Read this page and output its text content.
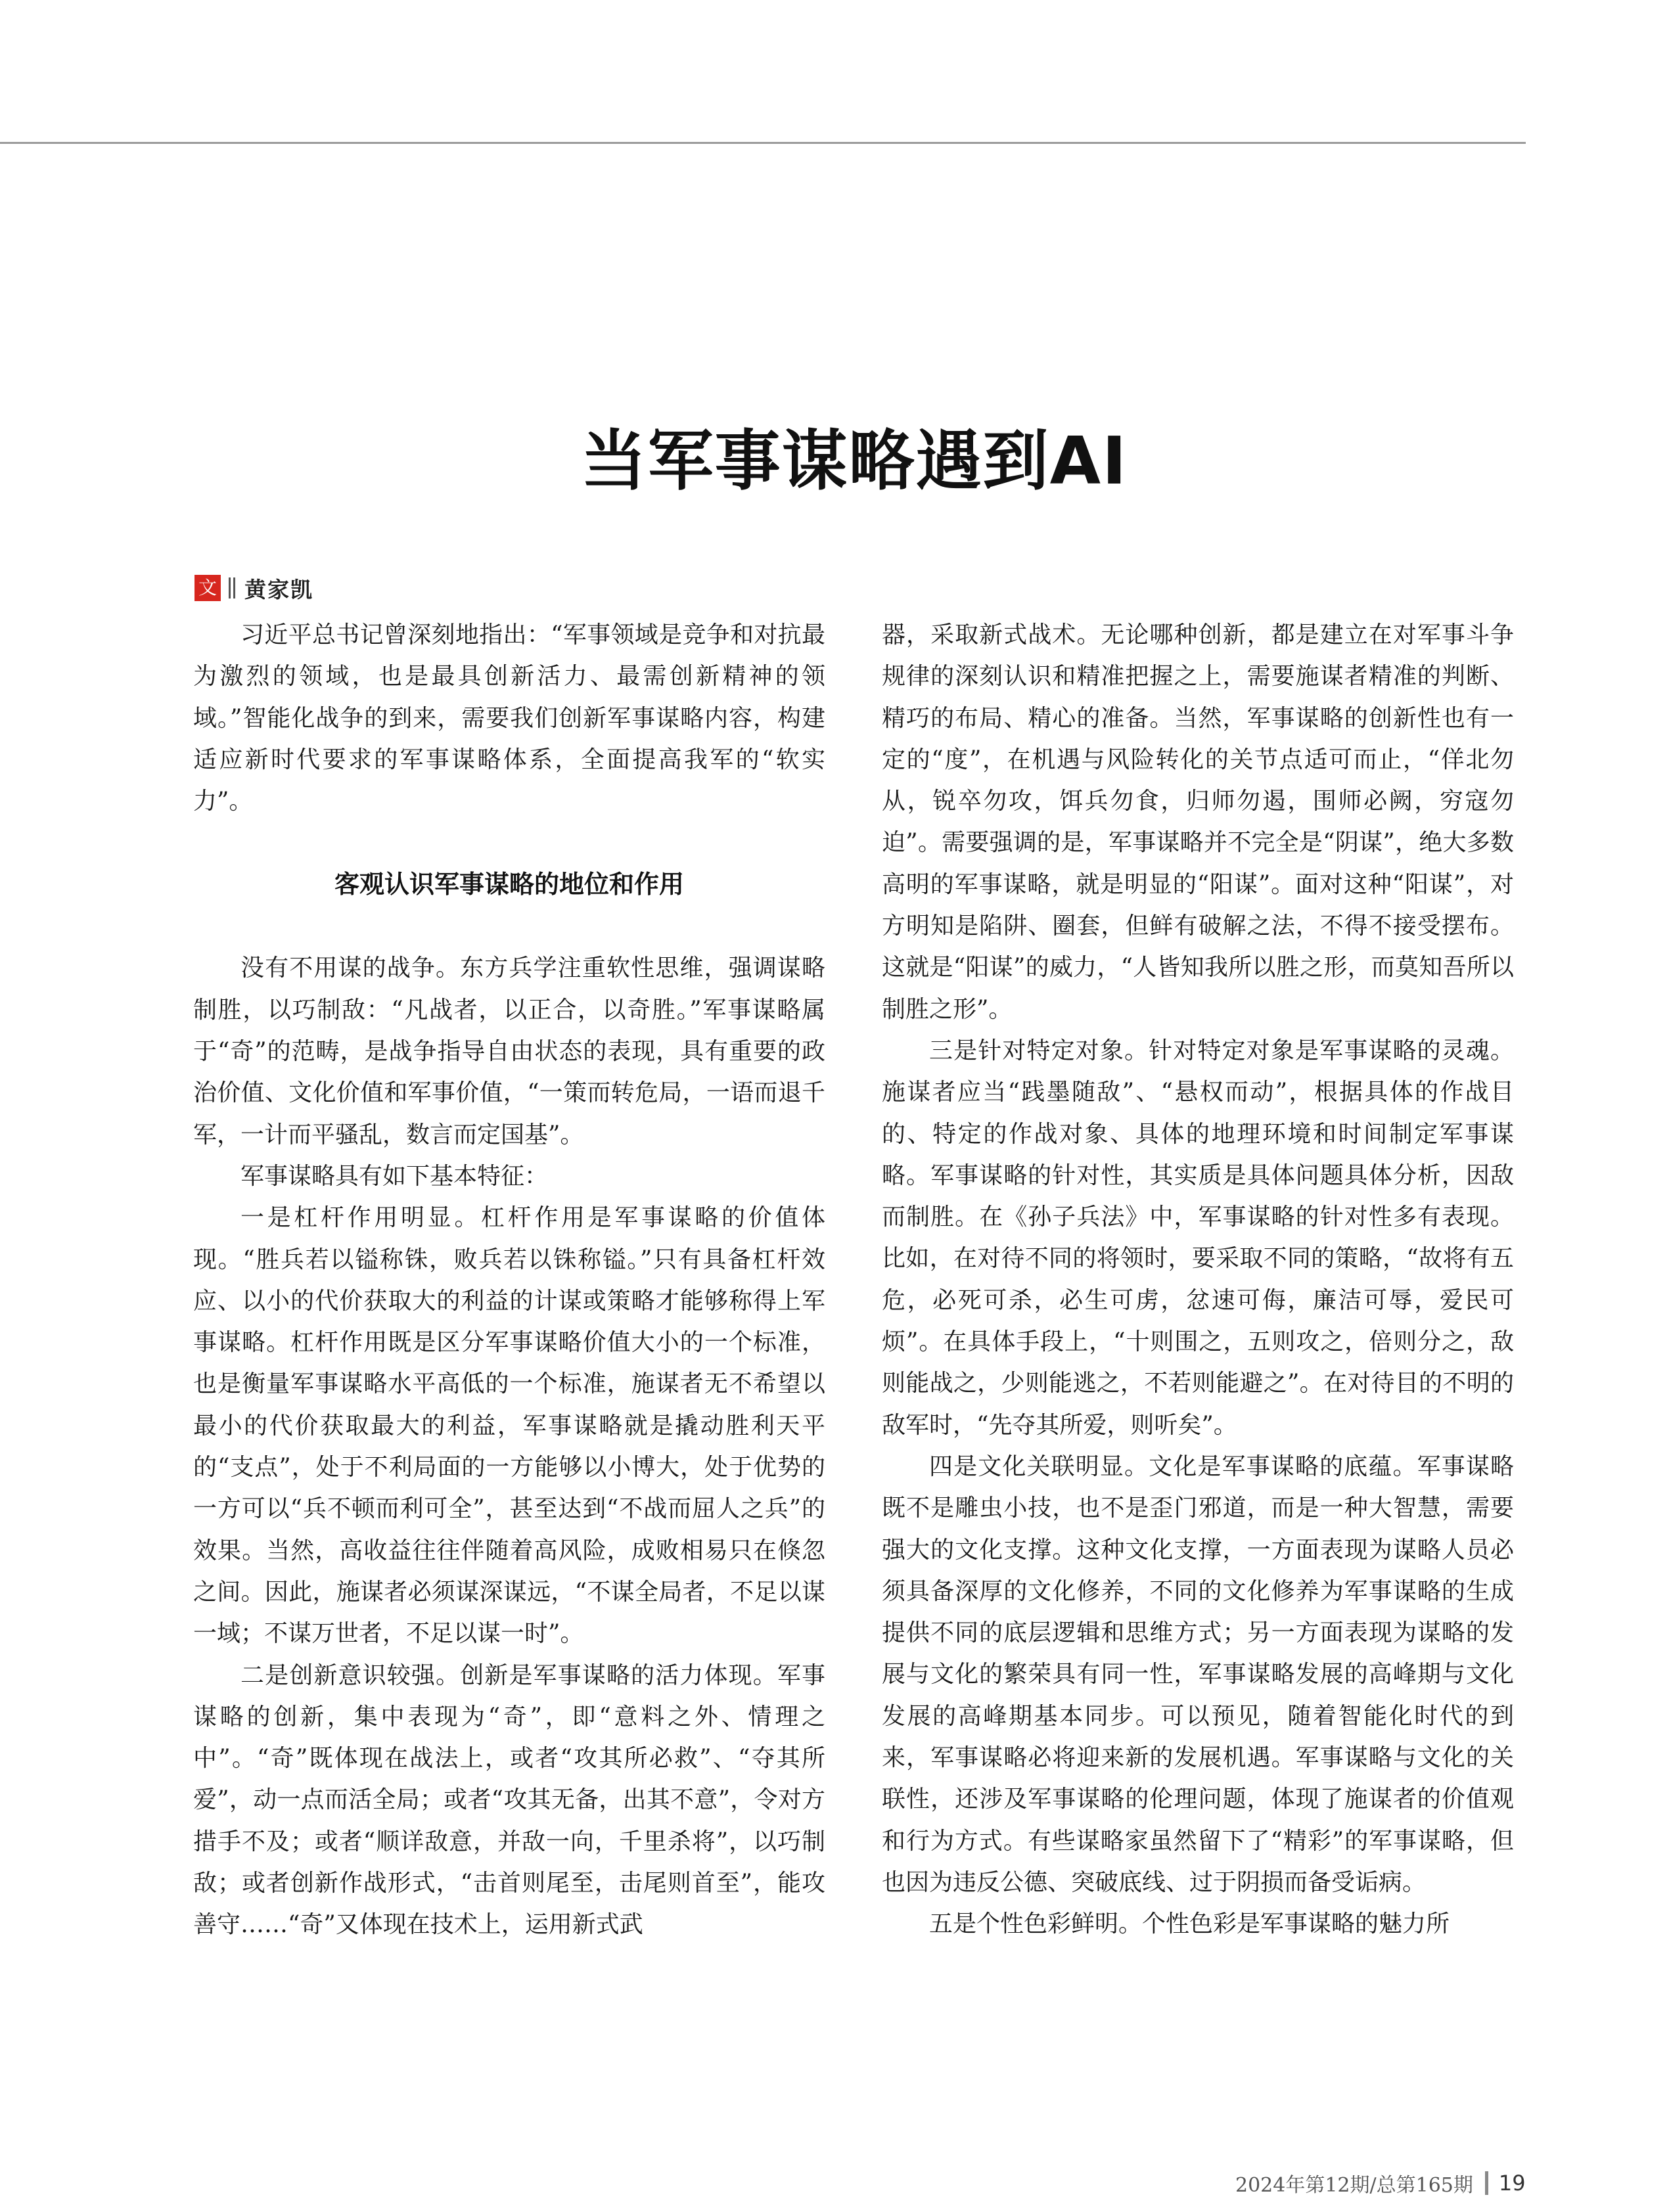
当军事谋略遇到AI
文 黄家凯

习近平总书记曾深刻地指出：“军事领域是竞争和对抗最为激烈的领域，也是最具创新活力、最需创新精神的领域。”智能化战争的到来，需要我们创新军事谋略内容，构建适应新时代要求的军事谋略体系，全面提高我军的“软实力”。

客观认识军事谋略的地位和作用

没有不用谋的战争。东方兵学注重软性思维，强调谋略制胜，以巧制敌：“凡战者，以正合，以奇胜。”军事谋略属于“奇”的范畴，是战争指导自由状态的表现，具有重要的政治价值、文化价值和军事价值，“一策而转危局，一语而退千军，一计而平骚乱，数言而定国基”。

军事谋略具有如下基本特征：

一是杠杆作用明显。杠杆作用是军事谋略的价值体现。“胜兵若以镒称铢，败兵若以铢称镒。”只有具备杠杆效应、以小的代价获取大的利益的计谋或策略才能够称得上军事谋略。杠杆作用既是区分军事谋略价值大小的一个标准，也是衡量军事谋略水平高低的一个标准，施谋者无不希望以最小的代价获取最大的利益，军事谋略就是撬动胜利天平的“支点”，处于不利局面的一方能够以小博大，处于优势的一方可以“兵不顿而利可全”，甚至达到“不战而屈人之兵”的效果。当然，高收益往往伴随着高风险，成败相易只在倏忽之间。因此，施谋者必须谋深谋远，“不谋全局者，不足以谋一域；不谋万世者，不足以谋一时”。

二是创新意识较强。创新是军事谋略的活力体现。军事谋略的创新，集中表现为“奇”，即“意料之外、情理之中”。“奇”既体现在战法上，或者“攻其所必救”、“夺其所爱”，动一点而活全局；或者“攻其无备，出其不意”，令对方措手不及；或者“顺详敌意，并敌一向，千里杀将”，以巧制敌；或者创新作战形式，“击首则尾至，击尾则首至”，能攻善守……“奇”又体现在技术上，运用新式武

器，采取新式战术。无论哪种创新，都是建立在对军事斗争规律的深刻认识和精准把握之上，需要施谋者精准的判断、精巧的布局、精心的准备。当然，军事谋略的创新性也有一定的“度”，在机遇与风险转化的关节点适可而止，“佯北勿从，锐卒勿攻，饵兵勿食，归师勿遏，围师必阙，穷寇勿迫”。需要强调的是，军事谋略并不完全是“阴谋”，绝大多数高明的军事谋略，就是明显的“阳谋”。面对这种“阳谋”，对方明知是陷阱、圈套，但鲜有破解之法，不得不接受摆布。这就是“阳谋”的威力，“人皆知我所以胜之形，而莫知吾所以制胜之形”。

三是针对特定对象。针对特定对象是军事谋略的灵魂。施谋者应当“践墨随敌”、“悬权而动”，根据具体的作战目的、特定的作战对象、具体的地理环境和时间制定军事谋略。军事谋略的针对性，其实质是具体问题具体分析，因敌而制胜。在《孙子兵法》中，军事谋略的针对性多有表现。比如，在对待不同的将领时，要采取不同的策略，“故将有五危，必死可杀，必生可虏，忿速可侮，廉洁可辱，爱民可烦”。在具体手段上，“十则围之，五则攻之，倍则分之，敌则能战之，少则能逃之，不若则能避之”。在对待目的不明的敌军时，“先夺其所爱，则听矣”。

四是文化关联明显。文化是军事谋略的底蕴。军事谋略既不是雕虫小技，也不是歪门邪道，而是一种大智慧，需要强大的文化支撑。这种文化支撑，一方面表现为谋略人员必须具备深厚的文化修养，不同的文化修养为军事谋略的生成提供不同的底层逻辑和思维方式；另一方面表现为谋略的发展与文化的繁荣具有同一性，军事谋略发展的高峰期与文化发展的高峰期基本同步。可以预见，随着智能化时代的到来，军事谋略必将迎来新的发展机遇。军事谋略与文化的关联性，还涉及军事谋略的伦理问题，体现了施谋者的价值观和行为方式。有些谋略家虽然留下了“精彩”的军事谋略，但也因为违反公德、突破底线、过于阴损而备受诟病。

五是个性色彩鲜明。个性色彩是军事谋略的魅力所

2024年第12期/总第165期 19
